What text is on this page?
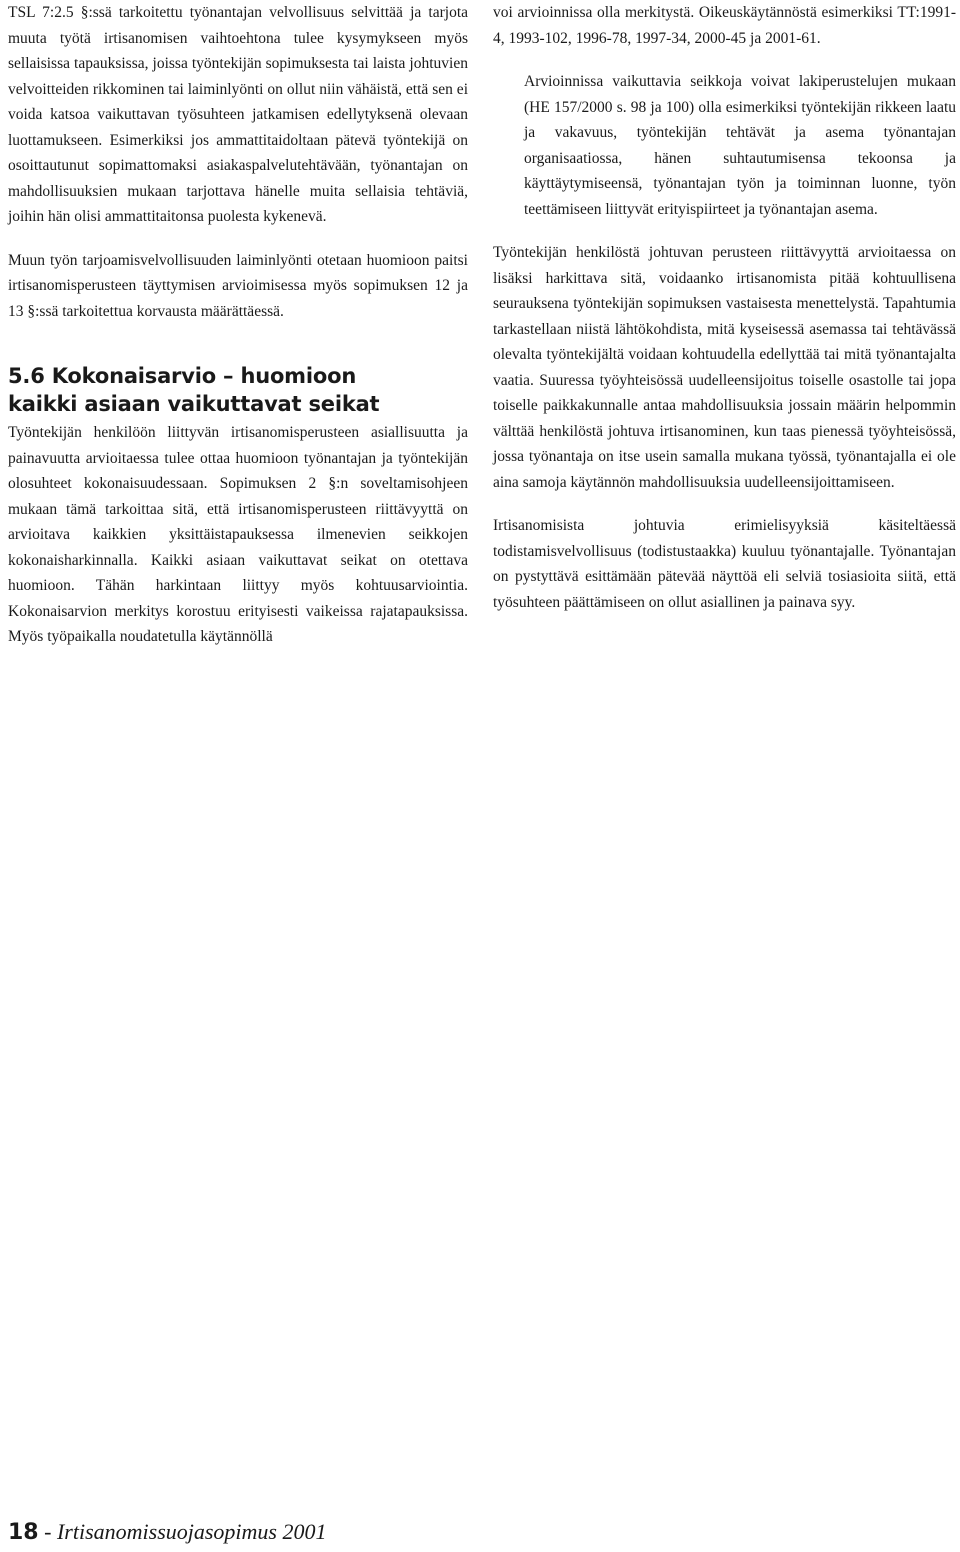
TSL 7:2.5 §:ssä tarkoitettu työnantajan velvollisuus selvittää ja tarjota muuta työtä irtisanomisen vaihtoehtona tulee kysymykseen myös sellaisissa tapauksissa, joissa työntekijän sopimuksesta tai laista johtuvien velvoitteiden rikkominen tai laiminlyönti on ollut niin vähäistä, että sen ei voida katsoa vaikuttavan työsuhteen jatkamisen edellytyksenä olevaan luottamukseen. Esimerkiksi jos ammattitaidoltaan pätevä työntekijä on osoittautunut sopimattomaksi asiakaspalvelutehtävään, työnantajan on mahdollisuuksien mukaan tarjottava hänelle muita sellaisia tehtäviä, joihin hän olisi ammattitaitonsa puolesta kykenevä.

Muun työn tarjoamisvelvollisuuden laiminlyönti otetaan huomioon paitsi irtisanomisperusteen täyttymisen arvioimisessa myös sopimuksen 12 ja 13 §:ssä tarkoitettua korvausta määrättäessä.

5.6 Kokonaisarvio – huomioon
kaikki asiaan vaikuttavat seikat

Työntekijän henkilöön liittyvän irtisanomisperusteen asiallisuutta ja painavuutta arvioitaessa tulee ottaa huomioon työnantajan ja työntekijän olosuhteet kokonaisuudessaan. Sopimuksen 2 §:n soveltamisohjeen mukaan tämä tarkoittaa sitä, että irtisanomisperusteen riittävyyttä on arvioitava kaikkien yksittäistapauksessa ilmenevien seikkojen kokonaisharkinnalla. Kaikki asiaan vaikuttavat seikat on otettava huomioon. Tähän harkintaan liittyy myös kohtuusarviointia. Kokonaisarvion merkitys korostuu erityisesti vaikeissa rajatapauksissa. Myös työpaikalla noudatetulla käytännöllä

voi arvioinnissa olla merkitystä. Oikeuskäytännöstä esimerkiksi TT:1991-4, 1993-102, 1996-78, 1997-34, 2000-45 ja 2001-61.

Arvioinnissa vaikuttavia seikkoja voivat lakiperustelujen mukaan (HE 157/2000 s. 98 ja 100) olla esimerkiksi työntekijän rikkeen laatu ja vakavuus, työntekijän tehtävät ja asema työnantajan organisaatiossa, hänen suhtautumisensa tekoonsa ja käyttäytymiseensä, työnantajan työn ja toiminnan luonne, työn teettämiseen liittyvät erityispiirteet ja työnantajan asema.

Työntekijän henkilöstä johtuvan perusteen riittävyyttä arvioitaessa on lisäksi harkittava sitä, voidaanko irtisanomista pitää kohtuullisena seurauksena työntekijän sopimuksen vastaisesta menettelystä. Tapahtumia tarkastellaan niistä lähtökohdista, mitä kyseisessä asemassa tai tehtävässä olevalta työntekijältä voidaan kohtuudella edellyttää tai mitä työnantajalta vaatia. Suuressa työyhteisössä uudelleensijoitus toiselle osastolle tai jopa toiselle paikkakunnalle antaa mahdollisuuksia jossain määrin helpommin välttää henkilöstä johtuva irtisanominen, kun taas pienessä työyhteisössä, jossa työnantaja on itse usein samalla mukana työssä, työnantajalla ei ole aina samoja käytännön mahdollisuuksia uudelleensijoittamiseen.

Irtisanomisista johtuvia erimielisyyksiä käsiteltäessä todistamisvelvollisuus (todistustaakka) kuuluu työnantajalle. Työnantajan on pystyttävä esittämään pätevää näyttöä eli selviä tosiasioita siitä, että työsuhteen päättämiseen on ollut asiallinen ja painava syy.

18 - Irtisanomissuojasopimus 2001
